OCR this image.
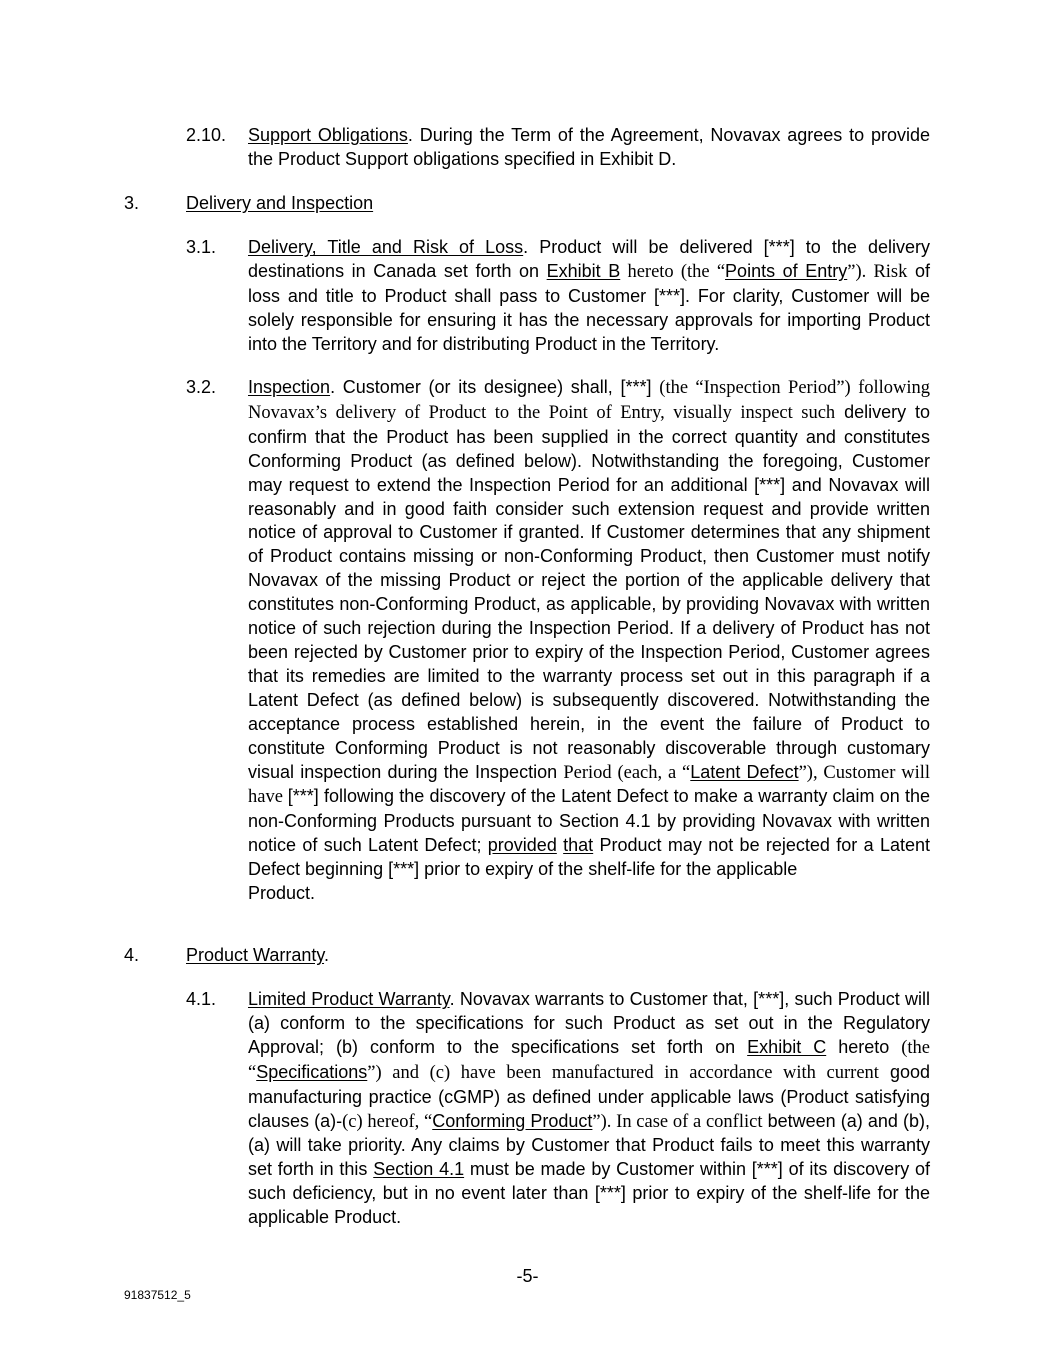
2.10. Support Obligations. During the Term of the Agreement, Novavax agrees to provide the Product Support obligations specified in Exhibit D.
3.	Delivery and Inspection
3.1. Delivery, Title and Risk of Loss. Product will be delivered [***] to the delivery destinations in Canada set forth on Exhibit B hereto (the “Points of Entry”). Risk of loss and title to Product shall pass to Customer [***]. For clarity, Customer will be solely responsible for ensuring it has the necessary approvals for importing Product into the Territory and for distributing Product in the Territory.
3.2. Inspection. Customer (or its designee) shall, [***] (the “Inspection Period”) following Novavax’s delivery of Product to the Point of Entry, visually inspect such delivery to confirm that the Product has been supplied in the correct quantity and constitutes Conforming Product (as defined below). Notwithstanding the foregoing, Customer may request to extend the Inspection Period for an additional [***] and Novavax will reasonably and in good faith consider such extension request and provide written notice of approval to Customer if granted. If Customer determines that any shipment of Product contains missing or non-Conforming Product, then Customer must notify Novavax of the missing Product or reject the portion of the applicable delivery that constitutes non-Conforming Product, as applicable, by providing Novavax with written notice of such rejection during the Inspection Period. If a delivery of Product has not been rejected by Customer prior to expiry of the Inspection Period, Customer agrees that its remedies are limited to the warranty process set out in this paragraph if a Latent Defect (as defined below) is subsequently discovered. Notwithstanding the acceptance process established herein, in the event the failure of Product to constitute Conforming Product is not reasonably discoverable through customary visual inspection during the Inspection Period (each, a “Latent Defect”), Customer will have [***] following the discovery of the Latent Defect to make a warranty claim on the non-Conforming Products pursuant to Section 4.1 by providing Novavax with written notice of such Latent Defect; provided that Product may not be rejected for a Latent Defect beginning [***] prior to expiry of the shelf-life for the applicable
Product.
4.	Product Warranty.
4.1. Limited Product Warranty. Novavax warrants to Customer that, [***], such Product will (a) conform to the specifications for such Product as set out in the Regulatory Approval; (b) conform to the specifications set forth on Exhibit C hereto (the “Specifications”) and (c) have been manufactured in accordance with current good manufacturing practice (cGMP) as defined under applicable laws (Product satisfying clauses (a)-(c) hereof, “Conforming Product”). In case of a conflict between (a) and (b), (a) will take priority. Any claims by Customer that Product fails to meet this warranty set forth in this Section 4.1 must be made by Customer within [***] of its discovery of such deficiency, but in no event later than [***] prior to expiry of the shelf-life for the applicable Product.
-5-
91837512_5
